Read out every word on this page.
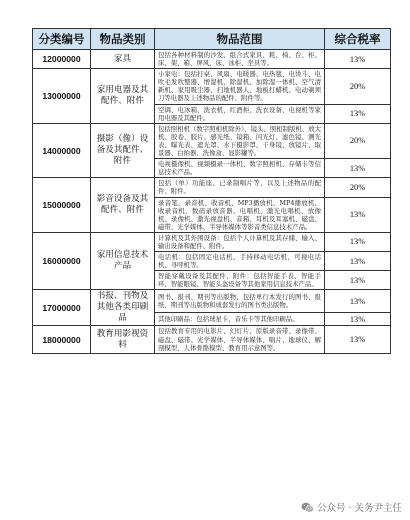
分类编号	物品类别	物品范围	综合税率
12000000	家具	包括各种材料制的沙发、组合式家具、耗、椅、台、柜、床、架、箱、屏风、床、冰柜、坐具等。	13%
13000000	家用电器及其配件、附件	小家电：包括打桌、风扇、电暖器、电热毯、电烫斗、电吹毛发吹整器、增湿机、除湿机、加除湿一体机、空气清新机、家用吸尘器、扫地机器人、地板打蜡机、电动剃须刀等电器及上述物品的配件、附件等。	20%
		空调、电冰箱、洗衣机、红酒柜、洗衣设备、电视机等家用电器及其配件。	13%
14000000	摄影（像）设备及其配件、附件	包括照相机（数字照相机除外）、镜头、照相制版机、放大机、胶卷、胶片、感光纸、镜箱、闪光灯、滤色镜、测光表、曝光表、遮光罩、水下摄影罩、干身镜、放镜片、取景器、白拍器、洗像盒、显影罐等。	20%
		电视摄像机、视频摄录一体机、数字照相机、存储卡等信息技术产品。	13%
15000000	影音设备及其配件、附件	包括（单）功能座、已录制唱片等，以及上述物品的配件、附件。	20%
		录音笔、录音机、收音机、MP3播放机、MP4播放机、收录音机、数码录放音器、电唱机、激光电唱机、放像机、录像机、激光视盘机、音箱、耳机及耳塞机、磁盘、磁带、光学媒体、半导体媒体等影音类信息技术产品。	13%
16000000	家用信息技术产品	计算机及其外围设备：包括个人计算机及其存储、输入、输出设备和配件、附件。	13%
		电话机：包括固定电话机、手持移动电话机、可视电话机、寻呼机等。	13%
		智能穿戴设备及其配件、附件：包括智能手表、智能手环、智能眼镜、智能头盔设备等其他家用信息技术产品。	13%
17000000	书报、刊物及其他各类印刷品	图书、报刊、期刊等出版物，包括单行本发行的图书、报纸、期刊等出版物和成套发行的图书类出版物。	13%
		其他印刷品：包括球星卡、音乐卡等其他印刷品。	13%
18000000	教育用影视资料	包括教育专用的电影片、幻灯片、原版录音带、录像带、磁盘、磁带、光学媒体、半导体媒体、唱片、地球仪、解剖模型、人体骨骼模型、教育用示意图等。	13%
公众号 · 关务尹主任
